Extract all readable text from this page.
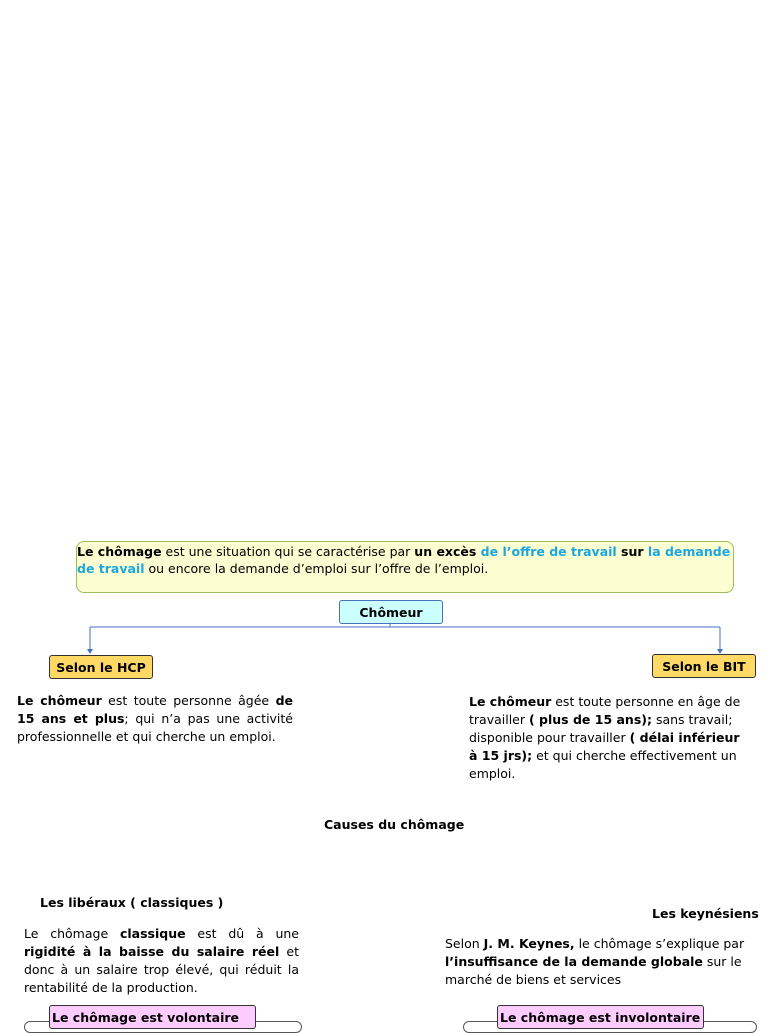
Le chômage est une situation qui se caractérise par un excès de l’offre de travail sur la demande de travail ou encore la demande d’emploi sur l’offre de l’emploi.
Chômeur
Selon le HCP
Le chômeur est toute personne âgée de 15 ans et plus; qui n’a pas une activité professionnelle et qui cherche un emploi.
Selon le BIT
Le chômeur est toute personne en âge de travailler ( plus de 15 ans); sans travail; disponible pour travailler ( délai inférieur à 15 jrs); et qui cherche effectivement un emploi.
Causes du chômage
Les libéraux ( classiques )
Le chômage classique est dû à une rigidité à la baisse du salaire réel et donc à un salaire trop élevé, qui réduit la rentabilité de la production.
Le chômage est volontaire
Les keynésiens
Selon J. M. Keynes, le chômage s’explique par l’insuffisance de la demande globale sur le marché de biens et services
Le chômage est involontaire
